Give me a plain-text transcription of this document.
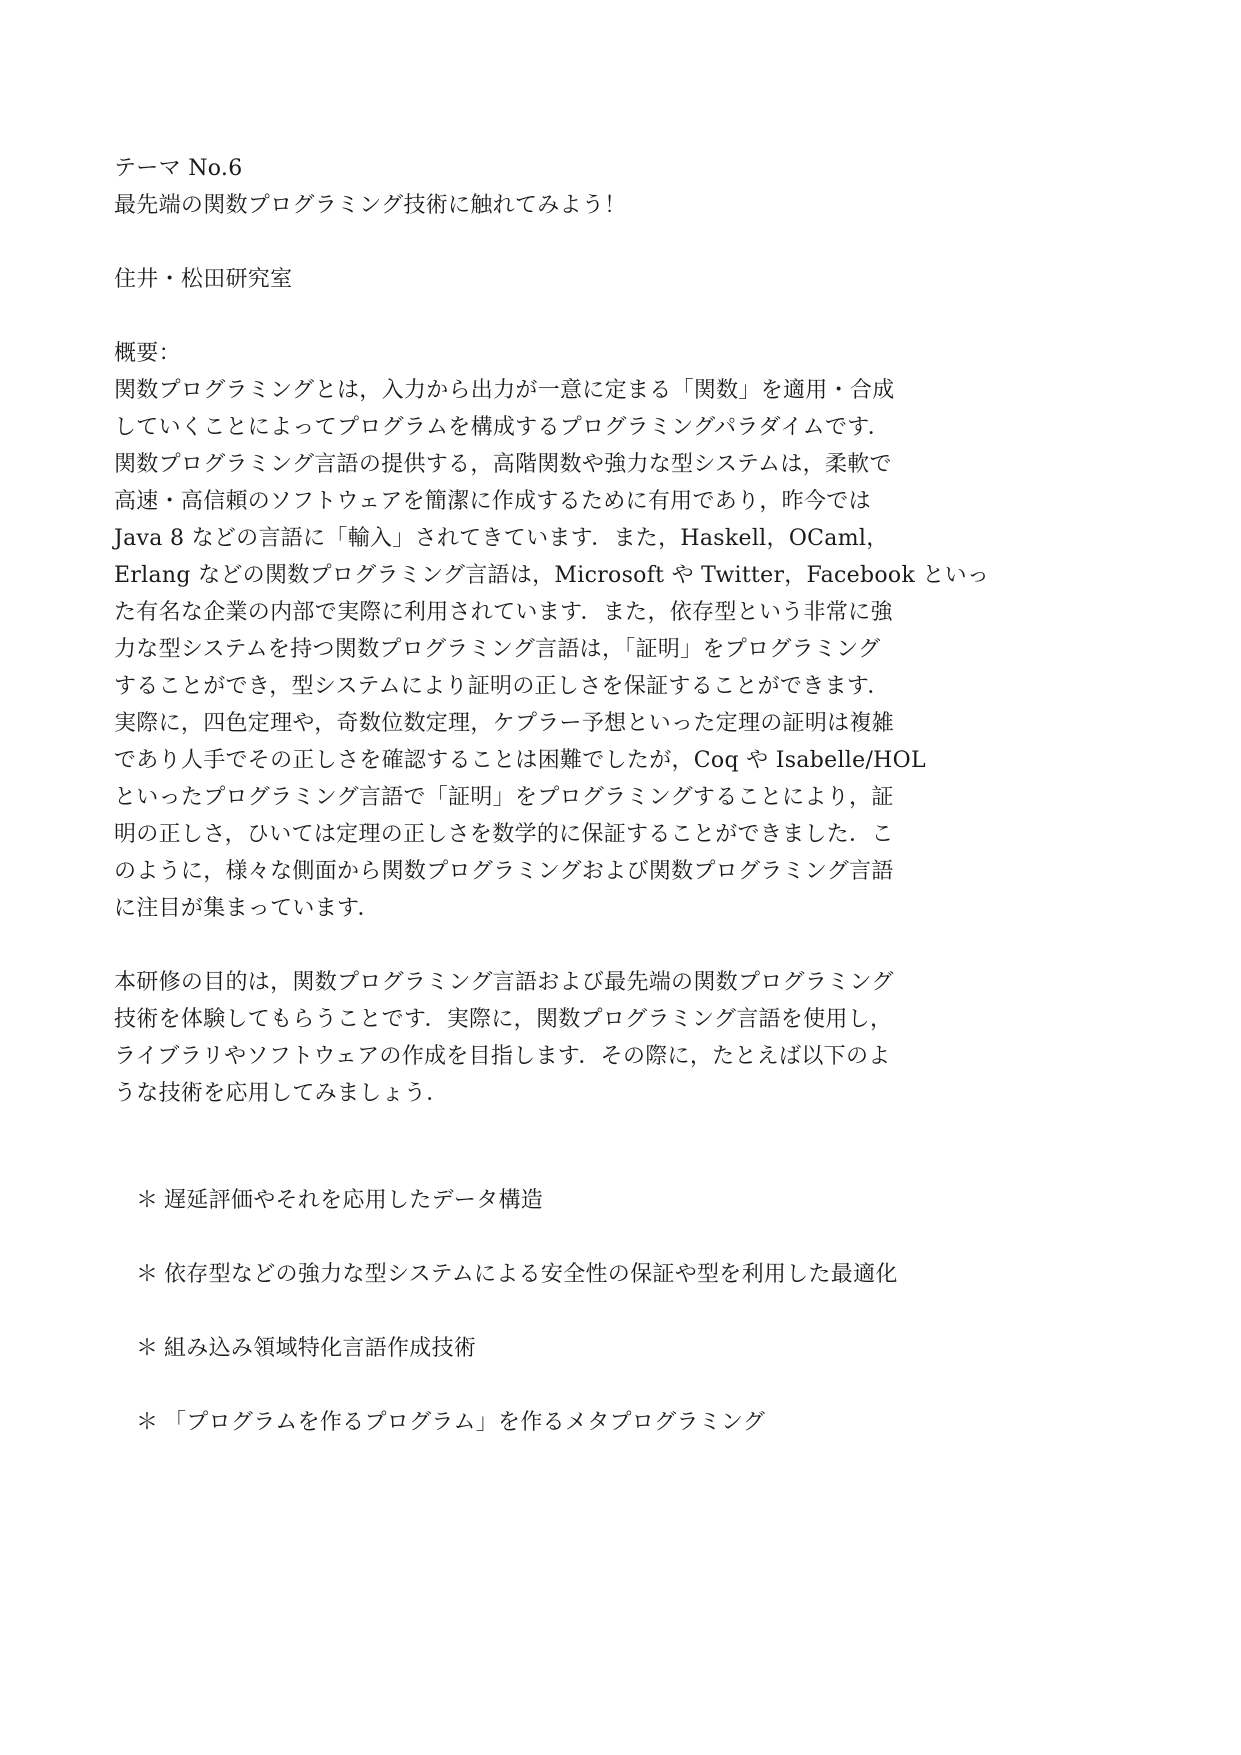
テーマ No.6
最先端の関数プログラミング技術に触れてみよう！
住井・松田研究室
概要：
関数プログラミングとは，入力から出力が一意に定まる「関数」を適用・合成
していくことによってプログラムを構成するプログラミングパラダイムです．
関数プログラミング言語の提供する，高階関数や強力な型システムは，柔軟で
高速・高信頼のソフトウェアを簡潔に作成するために有用であり，昨今では
Java 8 などの言語に「輸入」されてきています．また，Haskell，OCaml，
Erlang などの関数プログラミング言語は，Microsoft や Twitter，Facebook といっ
た有名な企業の内部で実際に利用されています．また，依存型という非常に強
力な型システムを持つ関数プログラミング言語は，「証明」をプログラミング
することができ，型システムにより証明の正しさを保証することができます．
実際に，四色定理や，奇数位数定理，ケプラー予想といった定理の証明は複雑
であり人手でその正しさを確認することは困難でしたが，Coq や Isabelle/HOL
といったプログラミング言語で「証明」をプログラミングすることにより，証
明の正しさ，ひいては定理の正しさを数学的に保証することができました．こ
のように，様々な側面から関数プログラミングおよび関数プログラミング言語
に注目が集まっています．
本研修の目的は，関数プログラミング言語および最先端の関数プログラミング
技術を体験してもらうことです．実際に，関数プログラミング言語を使用し，
ライブラリやソフトウェアの作成を目指します．その際に，たとえば以下のよ
うな技術を応用してみましょう．
＊ 遅延評価やそれを応用したデータ構造
＊ 依存型などの強力な型システムによる安全性の保証や型を利用した最適化
＊ 組み込み領域特化言語作成技術
＊ 「プログラムを作るプログラム」を作るメタプログラミング
